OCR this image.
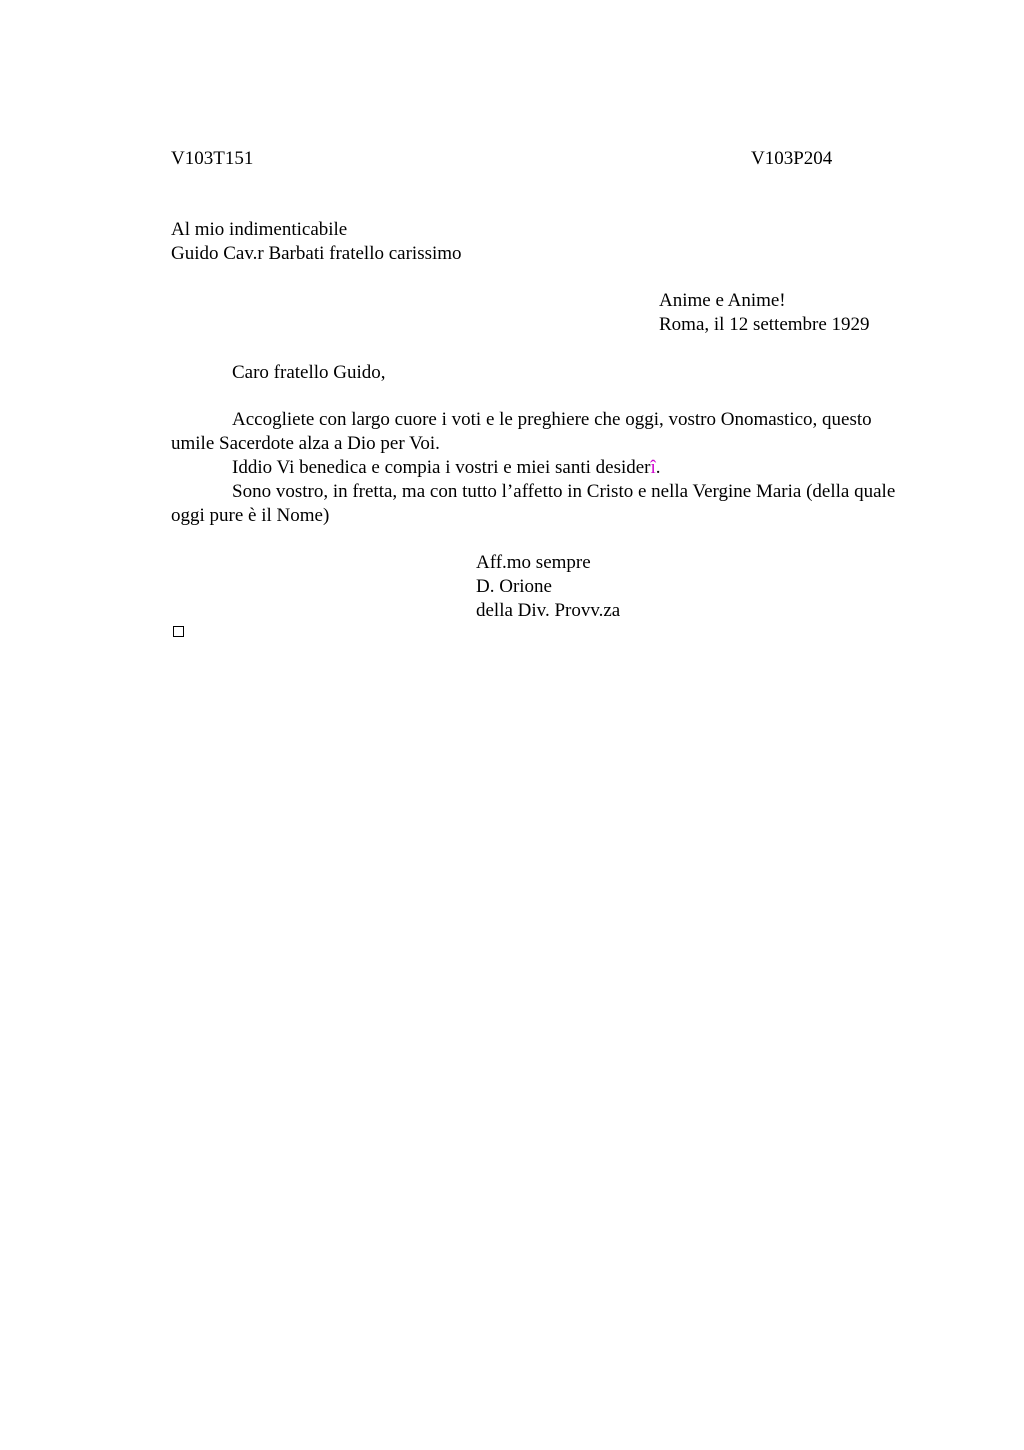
V103T151	V103P204
Al mio indimenticabile
Guido Cav.r Barbati fratello carissimo
Anime e Anime!
Roma, il 12 settembre 1929
Caro fratello Guido,

Accogliete con largo cuore i voti e le preghiere che oggi, vostro Onomastico, questo umile Sacerdote alza a Dio per Voi.

Iddio Vi benedica e compia i vostri e miei santi desiderî.

Sono vostro, in fretta, ma con tutto l’affetto in Cristo e nella Vergine Maria (della quale oggi pure è il Nome)

Aff.mo sempre
D. Orione
della Div. Provv.za
